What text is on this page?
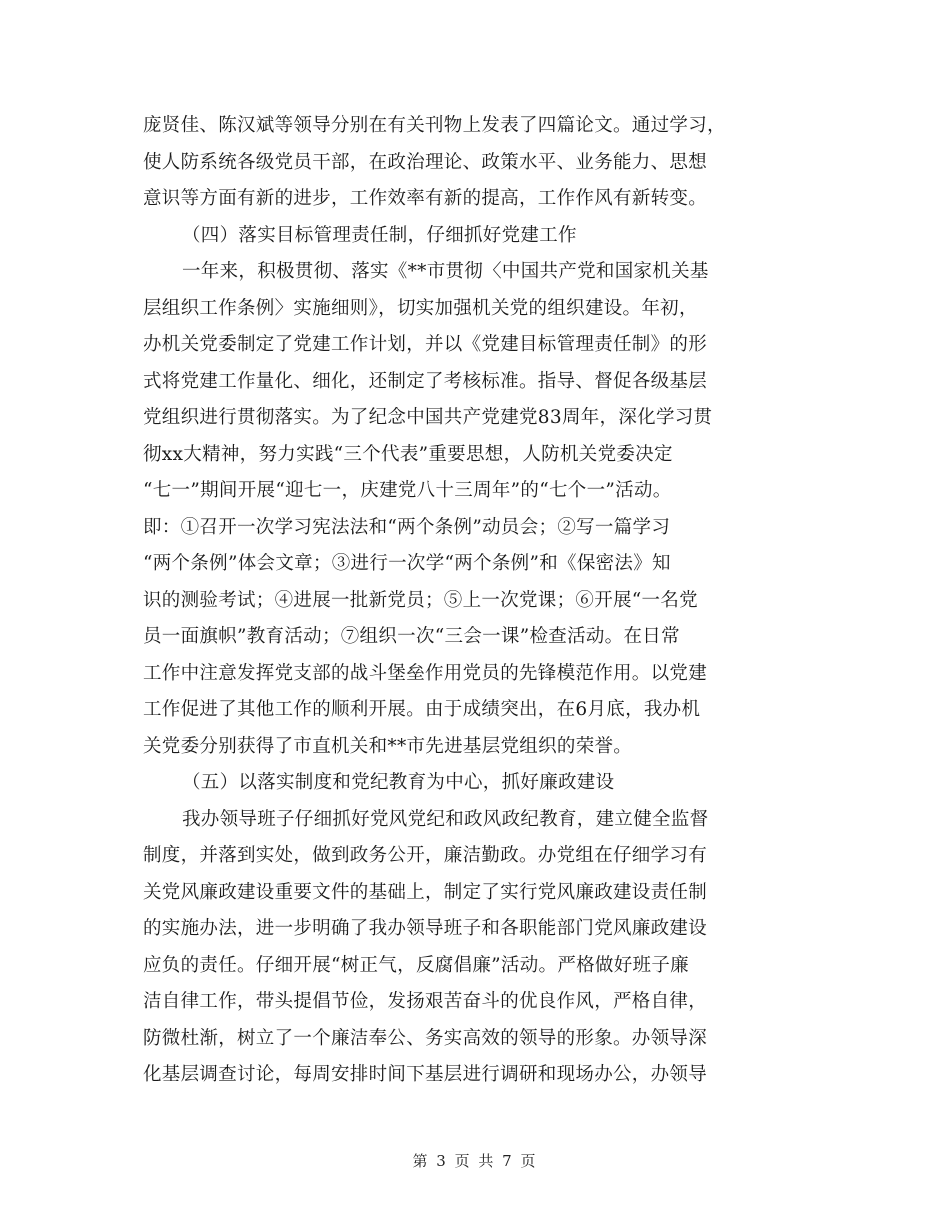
庞贤佳、陈汉斌等领导分别在有关刊物上发表了四篇论文。通过学习，
使人防系统各级党员干部，在政治理论、政策水平、业务能力、思想
意识等方面有新的进步，工作效率有新的提高，工作作风有新转变。
（四）落实目标管理责任制，仔细抓好党建工作
一年来，积极贯彻、落实《**市贯彻〈中国共产党和国家机关基
层组织工作条例〉实施细则》，切实加强机关党的组织建设。年初，
办机关党委制定了党建工作计划，并以《党建目标管理责任制》的形
式将党建工作量化、细化，还制定了考核标准。指导、督促各级基层
党组织进行贯彻落实。为了纪念中国共产党建党83周年，深化学习贯
彻xx大精神，努力实践“三个代表”重要思想，人防机关党委决定
“七一”期间开展“迎七一，庆建党八十三周年”的“七个一”活动。
即：①召开一次学习宪法法和“两个条例”动员会；②写一篇学习
“两个条例”体会文章；③进行一次学“两个条例”和《保密法》知
识的测验考试；④进展一批新党员；⑤上一次党课；⑥开展“一名党
员一面旗帜”教育活动；⑦组织一次“三会一课”检查活动。在日常
工作中注意发挥党支部的战斗堡垒作用党员的先锋模范作用。以党建
工作促进了其他工作的顺利开展。由于成绩突出，在6月底，我办机
关党委分别获得了市直机关和**市先进基层党组织的荣誉。
（五）以落实制度和党纪教育为中心，抓好廉政建设
我办领导班子仔细抓好党风党纪和政风政纪教育，建立健全监督
制度，并落到实处，做到政务公开，廉洁勤政。办党组在仔细学习有
关党风廉政建设重要文件的基础上，制定了实行党风廉政建设责任制
的实施办法，进一步明确了我办领导班子和各职能部门党风廉政建设
应负的责任。仔细开展“树正气，反腐倡廉”活动。严格做好班子廉
洁自律工作，带头提倡节俭，发扬艰苦奋斗的优良作风，严格自律，
防微杜渐，树立了一个廉洁奉公、务实高效的领导的形象。办领导深
化基层调查讨论，每周安排时间下基层进行调研和现场办公，办领导
第 3 页 共 7 页
